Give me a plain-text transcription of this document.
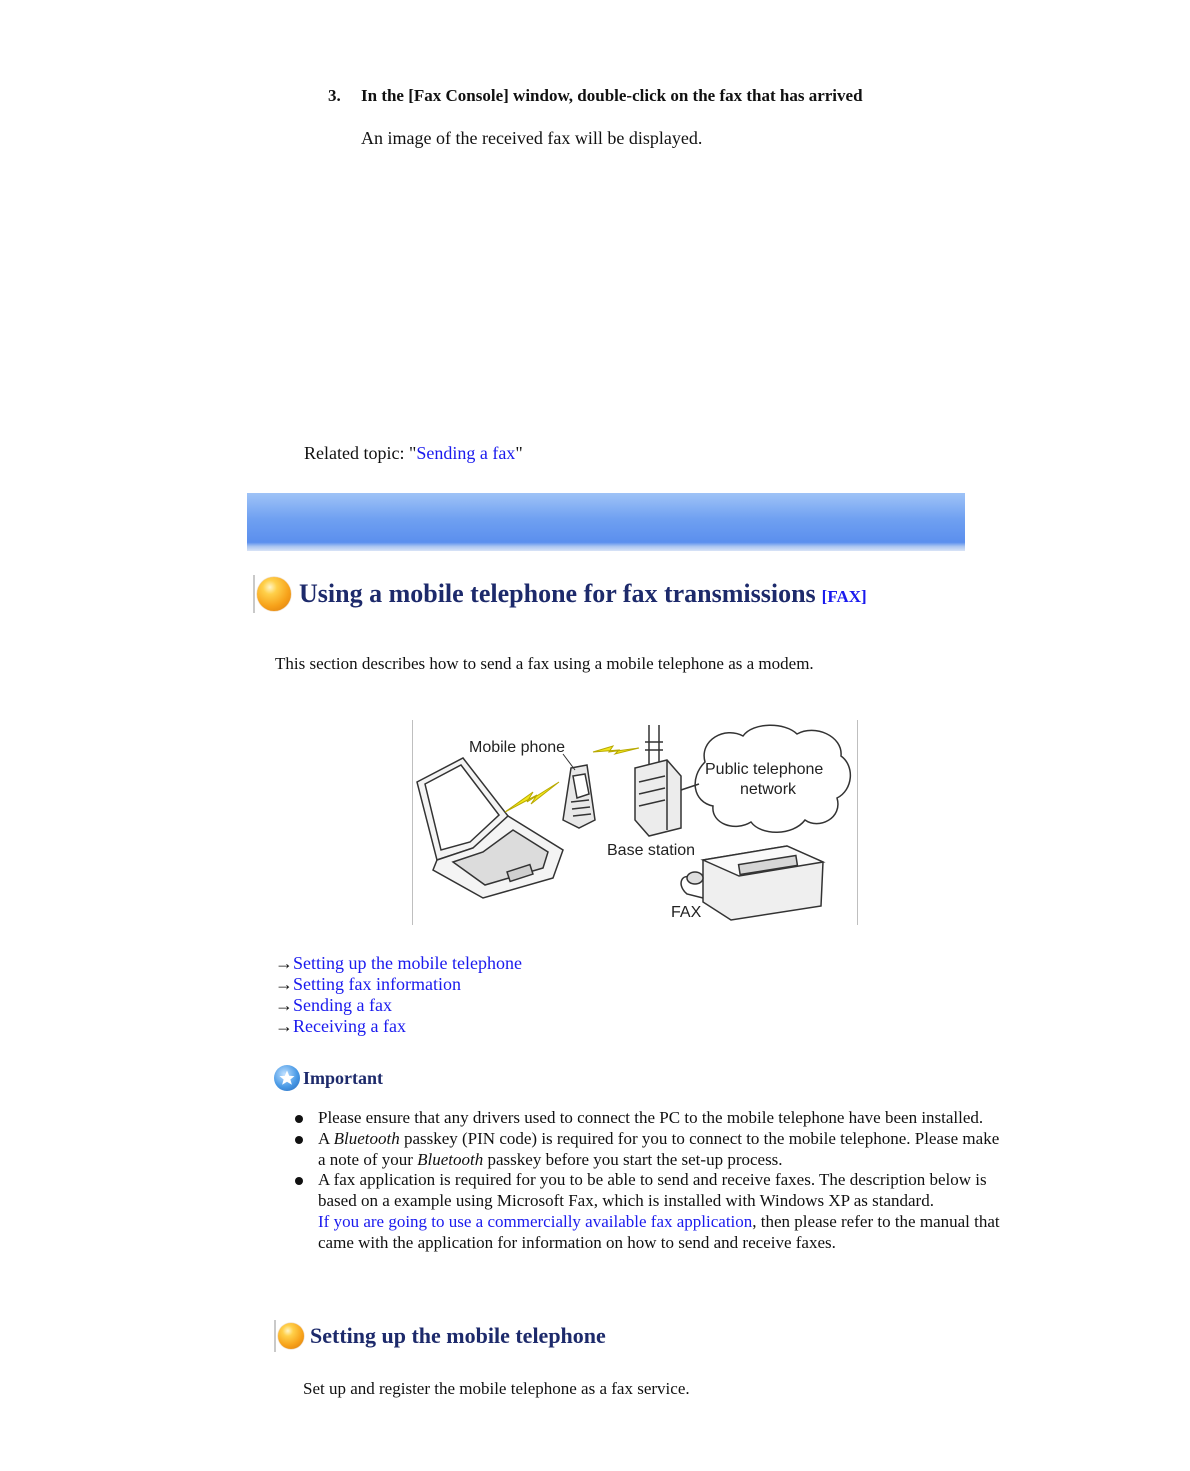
3. In the [Fax Console] window, double-click on the fax that has arrived
An image of the received fax will be displayed.
Related topic: "Sending a fax"
Using a mobile telephone for fax transmissions [FAX]
This section describes how to send a fax using a mobile telephone as a modem.
Mobile phone
Base station
Public telephone
network
FAX
→Setting up the mobile telephone
→Setting fax information
→Sending a fax
→Receiving a fax
Important
Please ensure that any drivers used to connect the PC to the mobile telephone have been installed.
A Bluetooth passkey (PIN code) is required for you to connect to the mobile telephone. Please make a note of your Bluetooth passkey before you start the set-up process.
A fax application is required for you to be able to send and receive faxes. The description below is based on a example using Microsoft Fax, which is installed with Windows XP as standard.
If you are going to use a commercially available fax application, then please refer to the manual that came with the application for information on how to send and receive faxes.
Setting up the mobile telephone
Set up and register the mobile telephone as a fax service.
